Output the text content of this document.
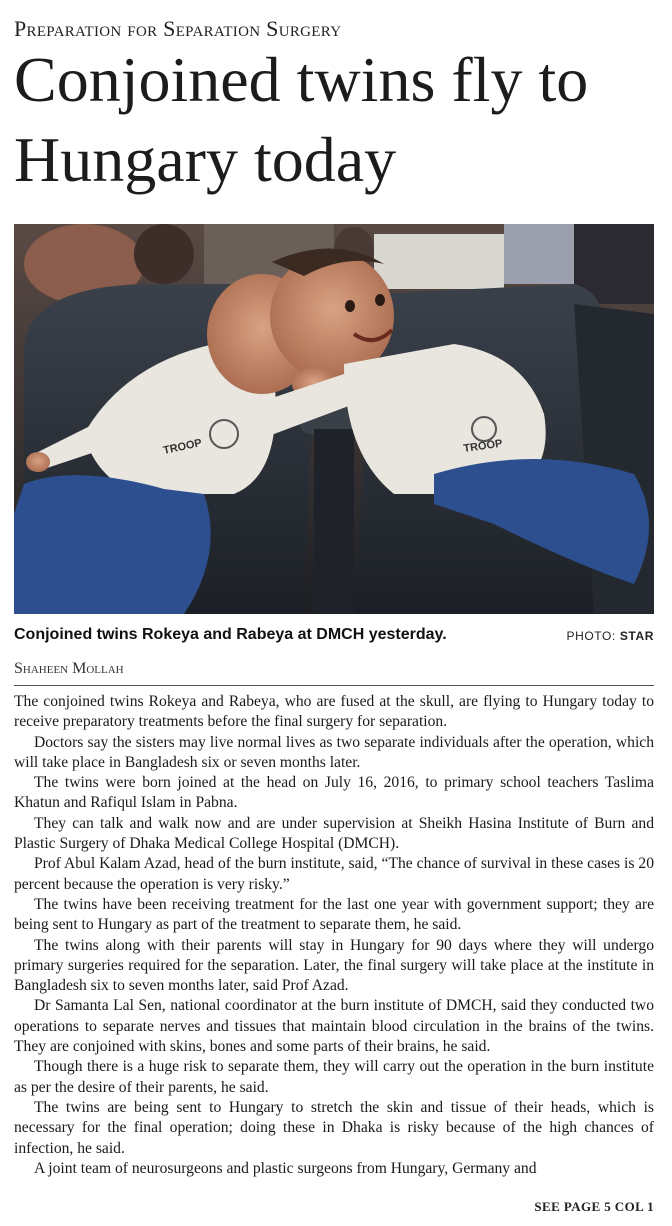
Preparation for Separation Surgery
Conjoined twins fly to Hungary today
TROOP	TROOP
Conjoined twins Rokeya and Rabeya at DMCH yesterday.	PHOTO: STAR
Shaheen Mollah

The conjoined twins Rokeya and Rabeya, who are fused at the skull, are flying to Hungary today to receive preparatory treatments before the final surgery for separation.

Doctors say the sisters may live normal lives as two separate individuals after the operation, which will take place in Bangladesh six or seven months later.

The twins were born joined at the head on July 16, 2016, to primary school teachers Taslima Khatun and Rafiqul Islam in Pabna.

They can talk and walk now and are under supervision at Sheikh Hasina Institute of Burn and Plastic Surgery of Dhaka Medical College Hospital (DMCH).

Prof Abul Kalam Azad, head of the burn institute, said, “The chance of survival in these cases is 20 percent because the operation is very risky.”

The twins have been receiving treatment for the last one year with government support; they are being sent to Hungary as part of the treatment to separate them, he said.

The twins along with their parents will stay in Hungary for 90 days where they will undergo primary surgeries required for the separation. Later, the final surgery will take place at the institute in Bangladesh six to seven months later, said Prof Azad.

Dr Samanta Lal Sen, national coordinator at the burn institute of DMCH, said they conducted two operations to separate nerves and tissues that maintain blood circulation in the brains of the twins. They are conjoined with skins, bones and some parts of their brains, he said.

Though there is a huge risk to separate them, they will carry out the operation in the burn institute as per the desire of their parents, he said.

The twins are being sent to Hungary to stretch the skin and tissue of their heads, which is necessary for the final operation; doing these in Dhaka is risky because of the high chances of infection, he said.

A joint team of neurosurgeons and plastic surgeons from Hungary, Germany and

SEE PAGE 5 COL 1
